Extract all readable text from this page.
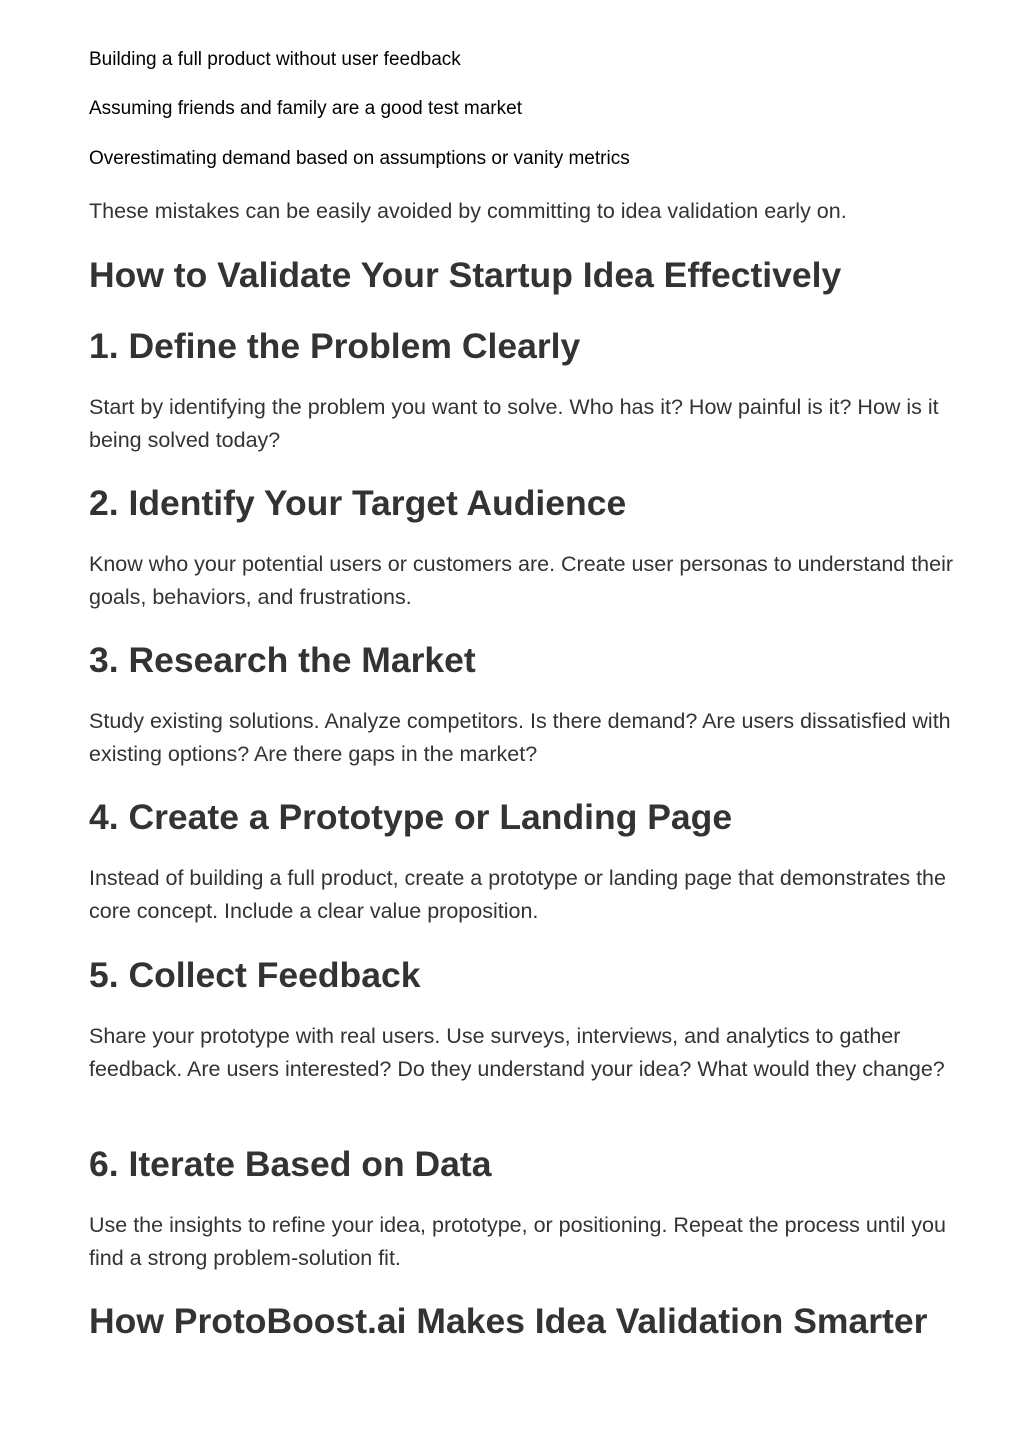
Building a full product without user feedback

Assuming friends and family are a good test market

Overestimating demand based on assumptions or vanity metrics

These mistakes can be easily avoided by committing to idea validation early on.

How to Validate Your Startup Idea Effectively
1. Define the Problem Clearly

Start by identifying the problem you want to solve. Who has it? How painful is it? How is it being solved today?

2. Identify Your Target Audience

Know who your potential users or customers are. Create user personas to understand their goals, behaviors, and frustrations.

3. Research the Market

Study existing solutions. Analyze competitors. Is there demand? Are users dissatisfied with existing options? Are there gaps in the market?

4. Create a Prototype or Landing Page

Instead of building a full product, create a prototype or landing page that demonstrates the core concept. Include a clear value proposition.

5. Collect Feedback

Share your prototype with real users. Use surveys, interviews, and analytics to gather feedback. Are users interested? Do they understand your idea? What would they change?

6. Iterate Based on Data

Use the insights to refine your idea, prototype, or positioning. Repeat the process until you find a strong problem-solution fit.

How ProtoBoost.ai Makes Idea Validation Smarter
